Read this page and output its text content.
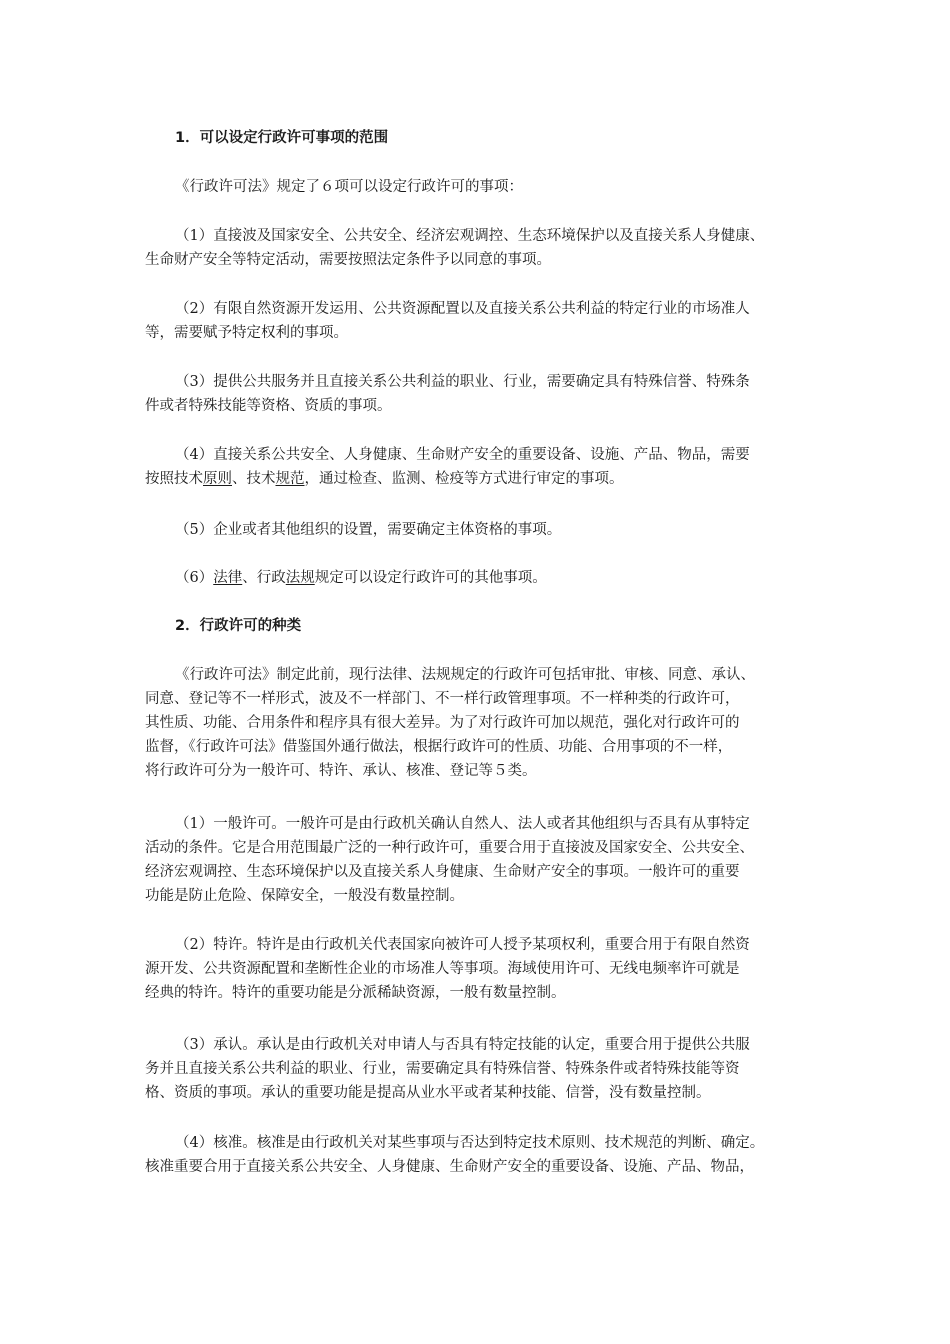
1．可以设定行政许可事项的范围
《行政许可法》规定了６项可以设定行政许可的事项：
（1）直接波及国家安全、公共安全、经济宏观调控、生态环境保护以及直接关系人身健康、
生命财产安全等特定活动，需要按照法定条件予以同意的事项。
（2）有限自然资源开发运用、公共资源配置以及直接关系公共利益的特定行业的市场准人
等，需要赋予特定权利的事项。
（3）提供公共服务并且直接关系公共利益的职业、行业，需要确定具有特殊信誉、特殊条
件或者特殊技能等资格、资质的事项。
（4）直接关系公共安全、人身健康、生命财产安全的重要设备、设施、产品、物品，需要
按照技术原则、技术规范，通过检查、监测、检疫等方式进行审定的事项。
（5）企业或者其他组织的设置，需要确定主体资格的事项。
（6）法律、行政法规规定可以设定行政许可的其他事项。
2．行政许可的种类
《行政许可法》制定此前，现行法律、法规规定的行政许可包括审批、审核、同意、承认、
同意、登记等不一样形式，波及不一样部门、不一样行政管理事项。不一样种类的行政许可，
其性质、功能、合用条件和程序具有很大差异。为了对行政许可加以规范，强化对行政许可的
监督，《行政许可法》借鉴国外通行做法，根据行政许可的性质、功能、合用事项的不一样，
将行政许可分为一般许可、特许、承认、核准、登记等５类。
（1）一般许可。一般许可是由行政机关确认自然人、法人或者其他组织与否具有从事特定
活动的条件。它是合用范围最广泛的一种行政许可，重要合用于直接波及国家安全、公共安全、
经济宏观调控、生态环境保护以及直接关系人身健康、生命财产安全的事项。一般许可的重要
功能是防止危险、保障安全，一般没有数量控制。
（2）特许。特许是由行政机关代表国家向被许可人授予某项权利，重要合用于有限自然资
源开发、公共资源配置和垄断性企业的市场准人等事项。海域使用许可、无线电频率许可就是
经典的特许。特许的重要功能是分派稀缺资源，一般有数量控制。
（3）承认。承认是由行政机关对申请人与否具有特定技能的认定，重要合用于提供公共服
务并且直接关系公共利益的职业、行业，需要确定具有特殊信誉、特殊条件或者特殊技能等资
格、资质的事项。承认的重要功能是提高从业水平或者某种技能、信誉，没有数量控制。
（4）核准。核准是由行政机关对某些事项与否达到特定技术原则、技术规范的判断、确定。
核准重要合用于直接关系公共安全、人身健康、生命财产安全的重要设备、设施、产品、物品，
